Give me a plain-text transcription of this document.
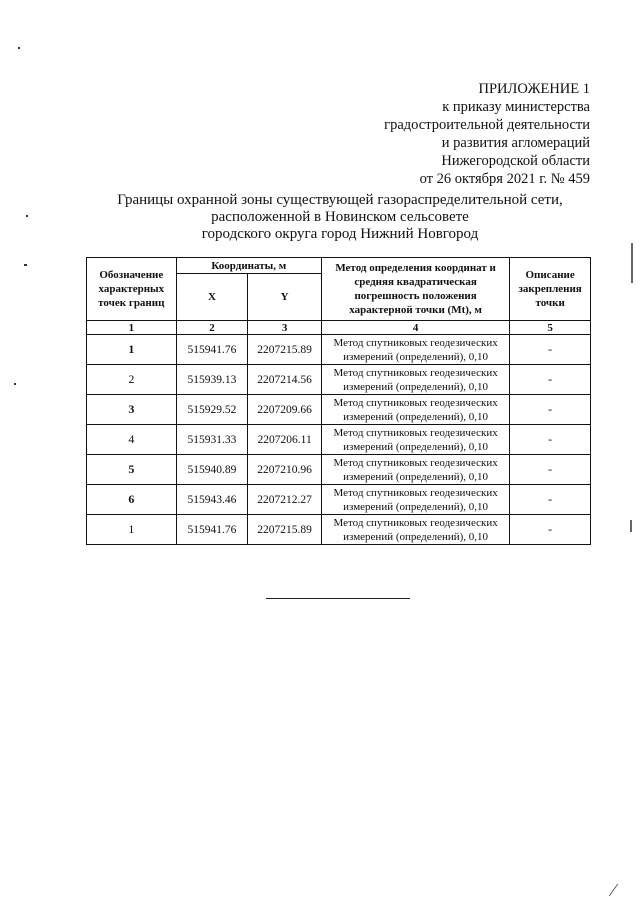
ПРИЛОЖЕНИЕ 1
к приказу министерства
градостроительной деятельности
и развития агломераций
Нижегородской области
от 26 октября 2021 г. № 459
Границы охранной зоны существующей газораспределительной сети,
расположенной в Новинском сельсовете
городского округа город Нижний Новгород
Обозначение характерных точек границ	Координаты, м		Метод определения координат и средняя квадратическая погрешность положения характерной точки (Mt), м	Описание закрепления точки
	X	Y		
1	2	3	4	5
1	515941.76	2207215.89	Метод спутниковых геодезических
измерений (определений), 0,10	-
2	515939.13	2207214.56	Метод спутниковых геодезических
измерений (определений), 0,10	-
3	515929.52	2207209.66	Метод спутниковых геодезических
измерений (определений), 0,10	-
4	515931.33	2207206.11	Метод спутниковых геодезических
измерений (определений), 0,10	-
5	515940.89	2207210.96	Метод спутниковых геодезических
измерений (определений), 0,10	-
6	515943.46	2207212.27	Метод спутниковых геодезических
измерений (определений), 0,10	-
1	515941.76	2207215.89	Метод спутниковых геодезических
измерений (определений), 0,10	-
⁄
